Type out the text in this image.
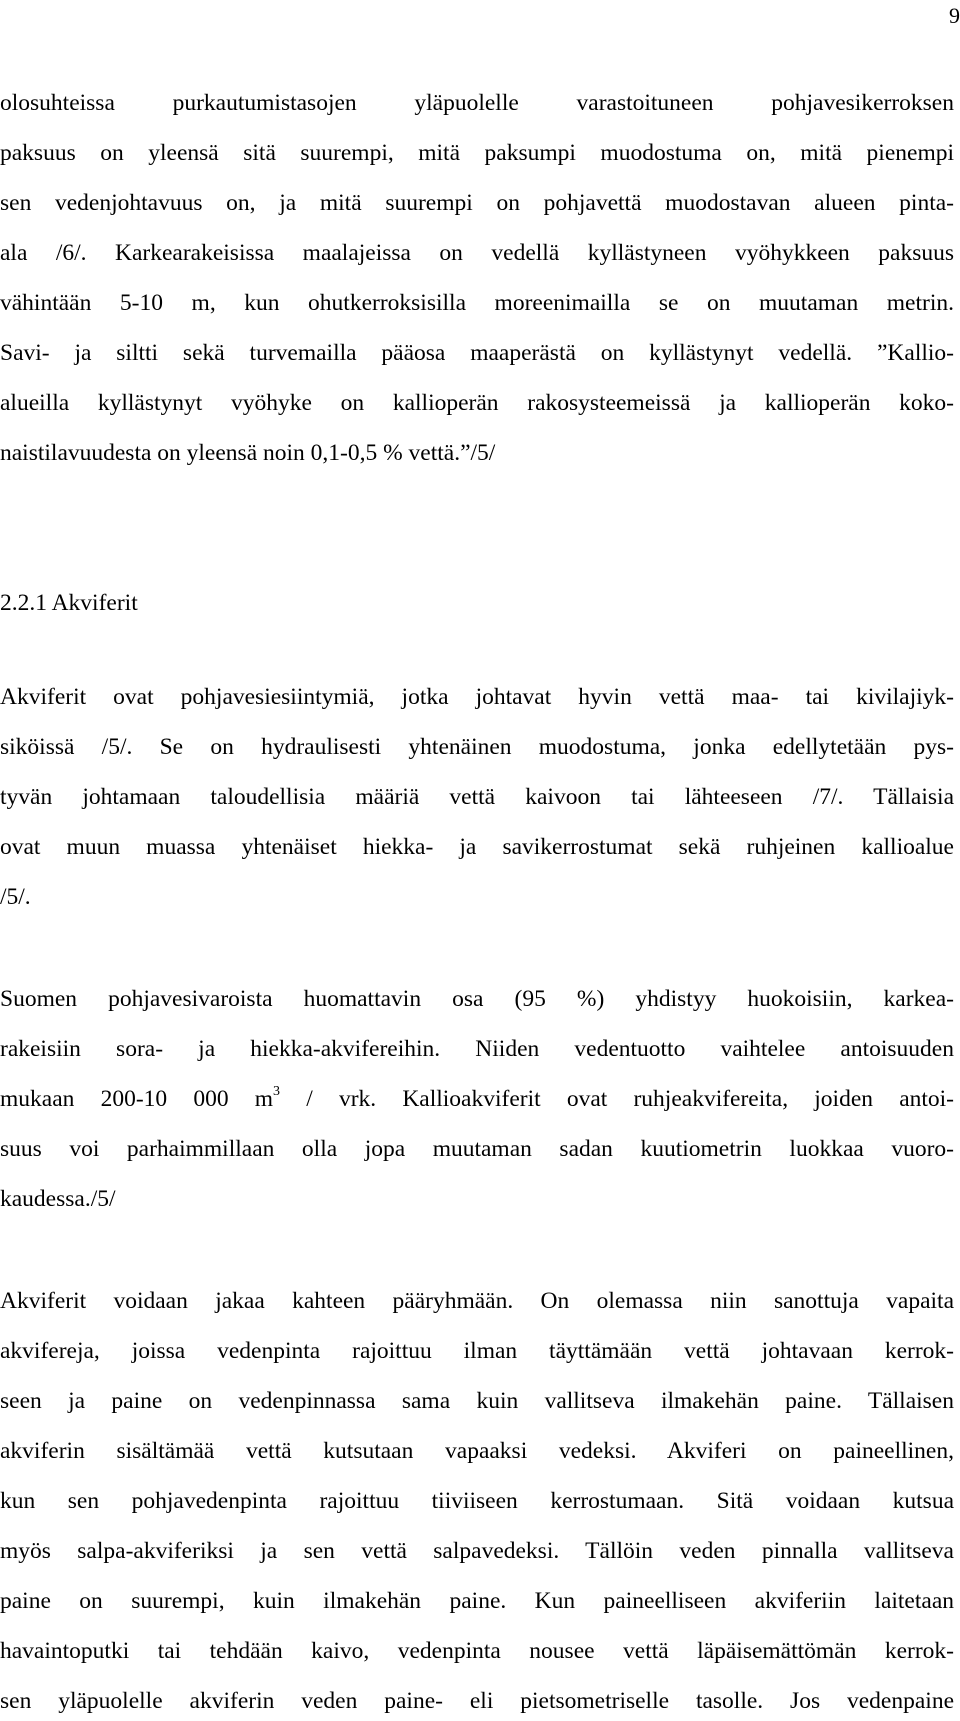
9
olosuhteissa purkautumistasojen yläpuolelle varastoituneen pohjavesikerroksen
paksuus on yleensä sitä suurempi, mitä paksumpi muodostuma on, mitä pienempi
sen vedenjohtavuus on, ja mitä suurempi on pohjavettä muodostavan alueen pinta-
ala /6/. Karkearakeisissa maalajeissa on vedellä kyllästyneen vyöhykkeen paksuus
vähintään 5-10 m, kun ohutkerroksisilla moreenimailla se on muutaman metrin.
Savi- ja siltti sekä turvemailla pääosa maaperästä on kyllästynyt vedellä. ”Kallio-
alueilla kyllästynyt vyöhyke on kallioperän rakosysteemeissä ja kallioperän koko-
naistilavuudesta on yleensä noin 0,1-0,5 % vettä.”/5/
2.2.1 Akviferit
Akviferit ovat pohjavesiesiintymiä, jotka johtavat hyvin vettä maa- tai kivilajiyk-
siköissä /5/. Se on hydraulisesti yhtenäinen muodostuma, jonka edellytetään pys-
tyvän johtamaan taloudellisia määriä vettä kaivoon tai lähteeseen /7/. Tällaisia
ovat muun muassa yhtenäiset hiekka- ja savikerrostumat sekä ruhjeinen kallioalue
/5/.
Suomen pohjavesivaroista huomattavin osa (95 %) yhdistyy huokoisiin, karkea-
rakeisiin sora- ja hiekka-akvifereihin. Niiden vedentuotto vaihtelee antoisuuden
mukaan 200-10 000 $m^3$ / vrk. Kallioakviferit ovat ruhjeakvifereita, joiden antoi-
suus voi parhaimmillaan olla jopa muutaman sadan kuutiometrin luokkaa vuoro-
kaudessa./5/
Akviferit voidaan jakaa kahteen pääryhmään. On olemassa niin sanottuja vapaita
akvifereja, joissa vedenpinta rajoittuu ilman täyttämään vettä johtavaan kerrok-
seen ja paine on vedenpinnassa sama kuin vallitseva ilmakehän paine. Tällaisen
akviferin sisältämää vettä kutsutaan vapaaksi vedeksi. Akviferi on paineellinen,
kun sen pohjavedenpinta rajoittuu tiiviiseen kerrostumaan. Sitä voidaan kutsua
myös salpa-akviferiksi ja sen vettä salpavedeksi. Tällöin veden pinnalla vallitseva
paine on suurempi, kuin ilmakehän paine. Kun paineelliseen akviferiin laitetaan
havaintoputki tai tehdään kaivo, vedenpinta nousee vettä läpäisemättömän kerrok-
sen yläpuolelle akviferin veden paine- eli pietsometriselle tasolle. Jos vedenpaine
